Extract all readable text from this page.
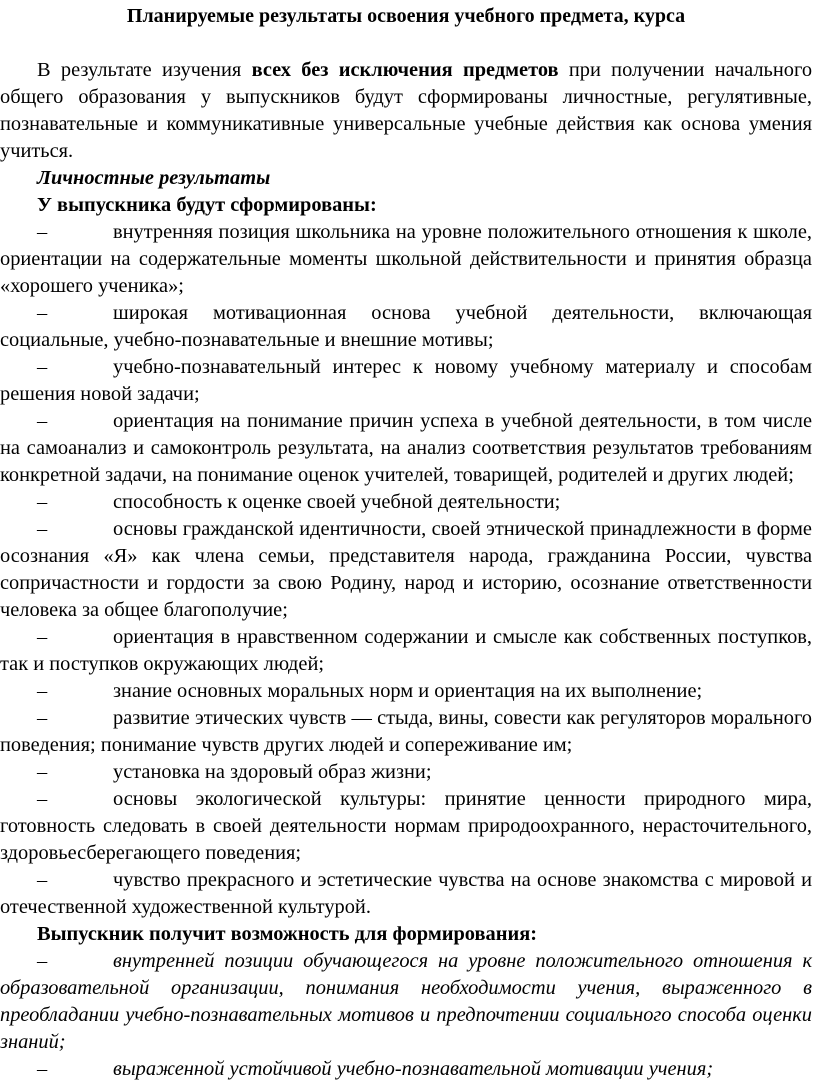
Планируемые результаты освоения учебного предмета, курса

В результате изучения всех без исключения предметов при получении начального общего образования у выпускников будут сформированы личностные, регулятивные, познавательные и коммуникативные универсальные учебные действия как основа умения учиться.

Личностные результаты

У выпускника будут сформированы:

–	внутренняя позиция школьника на уровне положительного отношения к школе, ориентации на содержательные моменты школьной действительности и принятия образца «хорошего ученика»;

–	широкая мотивационная основа учебной деятельности, включающая социальные, учебно-познавательные и внешние мотивы;

–	учебно-познавательный интерес к новому учебному материалу и способам решения новой задачи;

–	ориентация на понимание причин успеха в учебной деятельности, в том числе на самоанализ и самоконтроль результата, на анализ соответствия результатов требованиям конкретной задачи, на понимание оценок учителей, товарищей, родителей и других людей;

–	способность к оценке своей учебной деятельности;

–	основы гражданской идентичности, своей этнической принадлежности в форме осознания «Я» как члена семьи, представителя народа, гражданина России, чувства сопричастности и гордости за свою Родину, народ и историю, осознание ответственности человека за общее благополучие;

–	ориентация в нравственном содержании и смысле как собственных поступков, так и поступков окружающих людей;

–	знание основных моральных норм и ориентация на их выполнение;

–	развитие этических чувств — стыда, вины, совести как регуляторов морального поведения; понимание чувств других людей и сопереживание им;

–	установка на здоровый образ жизни;

–	основы экологической культуры: принятие ценности природного мира, готовность следовать в своей деятельности нормам природоохранного, нерасточительного, здоровьесберегающего поведения;

–	чувство прекрасного и эстетические чувства на основе знакомства с мировой и отечественной художественной культурой.

Выпускник получит возможность для формирования:

–	внутренней позиции обучающегося на уровне положительного отношения к образовательной организации, понимания необходимости учения, выраженного в преобладании учебно-познавательных мотивов и предпочтении социального способа оценки знаний;

–	выраженной устойчивой учебно-познавательной мотивации учения;
